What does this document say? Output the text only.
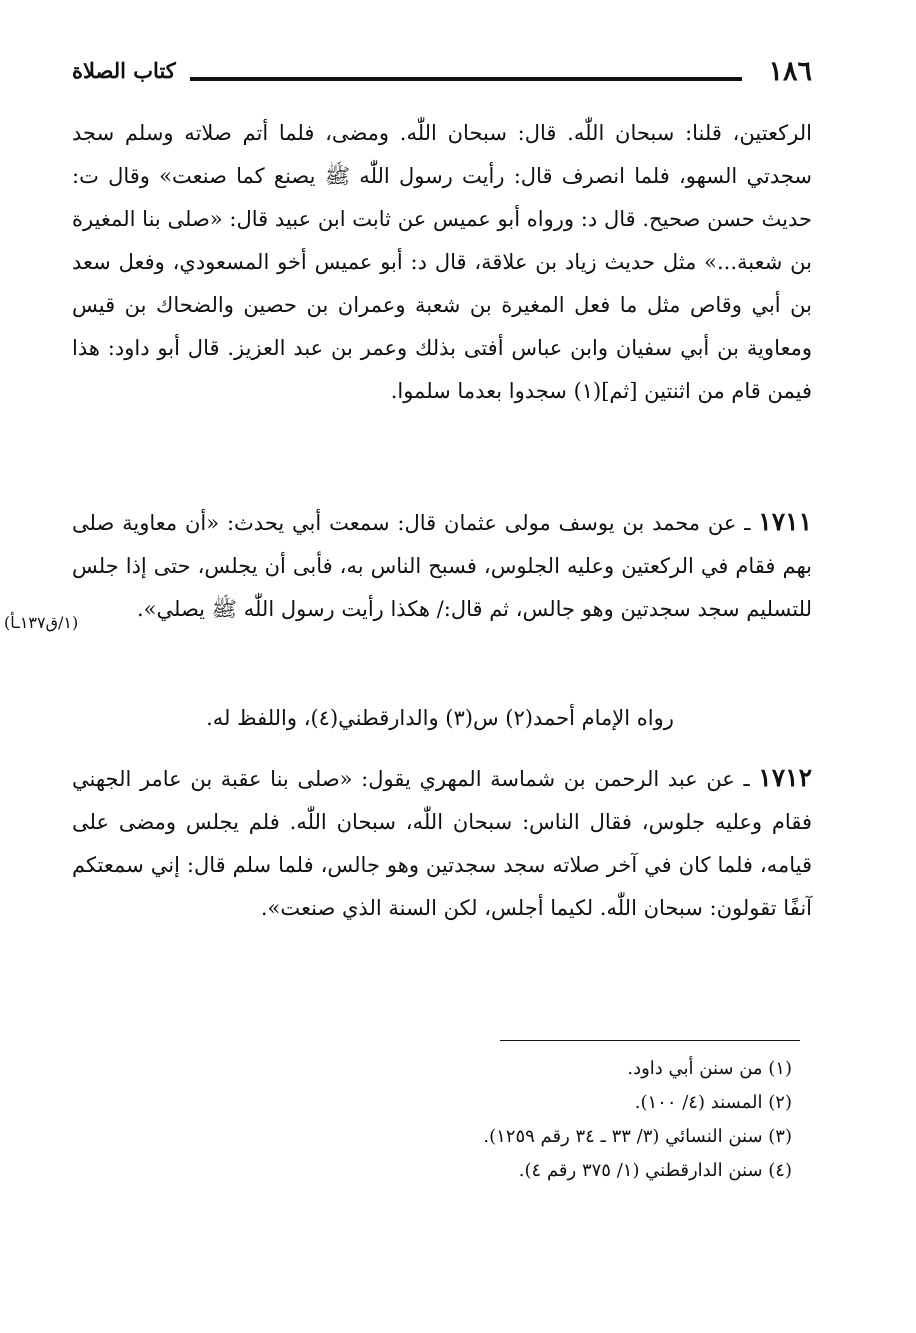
١٨٦
كتاب الصلاة

الركعتين، قلنا: سبحان اللّٰه. قال: سبحان اللّٰه. ومضى، فلما أتم صلاته وسلم سجد سجدتي السهو، فلما انصرف قال: رأيت رسول اللّٰه ﷺ يصنع كما صنعت» وقال ت: حديث حسن صحيح. قال د: ورواه أبو عميس عن ثابت ابن عبيد قال: «صلى بنا المغيرة بن شعبة...» مثل حديث زياد بن علاقة، قال د: أبو عميس أخو المسعودي، وفعل سعد بن أبي وقاص مثل ما فعل المغيرة بن شعبة وعمران بن حصين والضحاك بن قيس ومعاوية بن أبي سفيان وابن عباس أفتى بذلك وعمر بن عبد العزيز. قال أبو داود: هذا فيمن قام من اثنتين [ثم](١) سجدوا بعدما سلموا.

١٧١١ ـ عن محمد بن يوسف مولى عثمان قال: سمعت أبي يحدث: «أن معاوية صلى بهم فقام في الركعتين وعليه الجلوس، فسبح الناس به، فأبى أن يجلس، حتى إذا جلس للتسليم سجد سجدتين وهو جالس، ثم قال:/ هكذا رأيت رسول اللّٰه ﷺ يصلي».

(١/ق١٣٧ـأ)

رواه الإمام أحمد(٢) س(٣) والدارقطني(٤)، واللفظ له.

١٧١٢ ـ عن عبد الرحمن بن شماسة المهري يقول: «صلى بنا عقبة بن عامر الجهني فقام وعليه جلوس، فقال الناس: سبحان اللّٰه، سبحان اللّٰه. فلم يجلس ومضى على قيامه، فلما كان في آخر صلاته سجد سجدتين وهو جالس، فلما سلم قال: إني سمعتكم آنفًا تقولون: سبحان اللّٰه. لكيما أجلس، لكن السنة الذي صنعت».

(١) من سنن أبي داود.
(٢) المسند (٤/ ١٠٠).
(٣) سنن النسائي (٣/ ٣٣ ـ ٣٤ رقم ١٢٥٩).
(٤) سنن الدارقطني (١/ ٣٧٥ رقم ٤).
